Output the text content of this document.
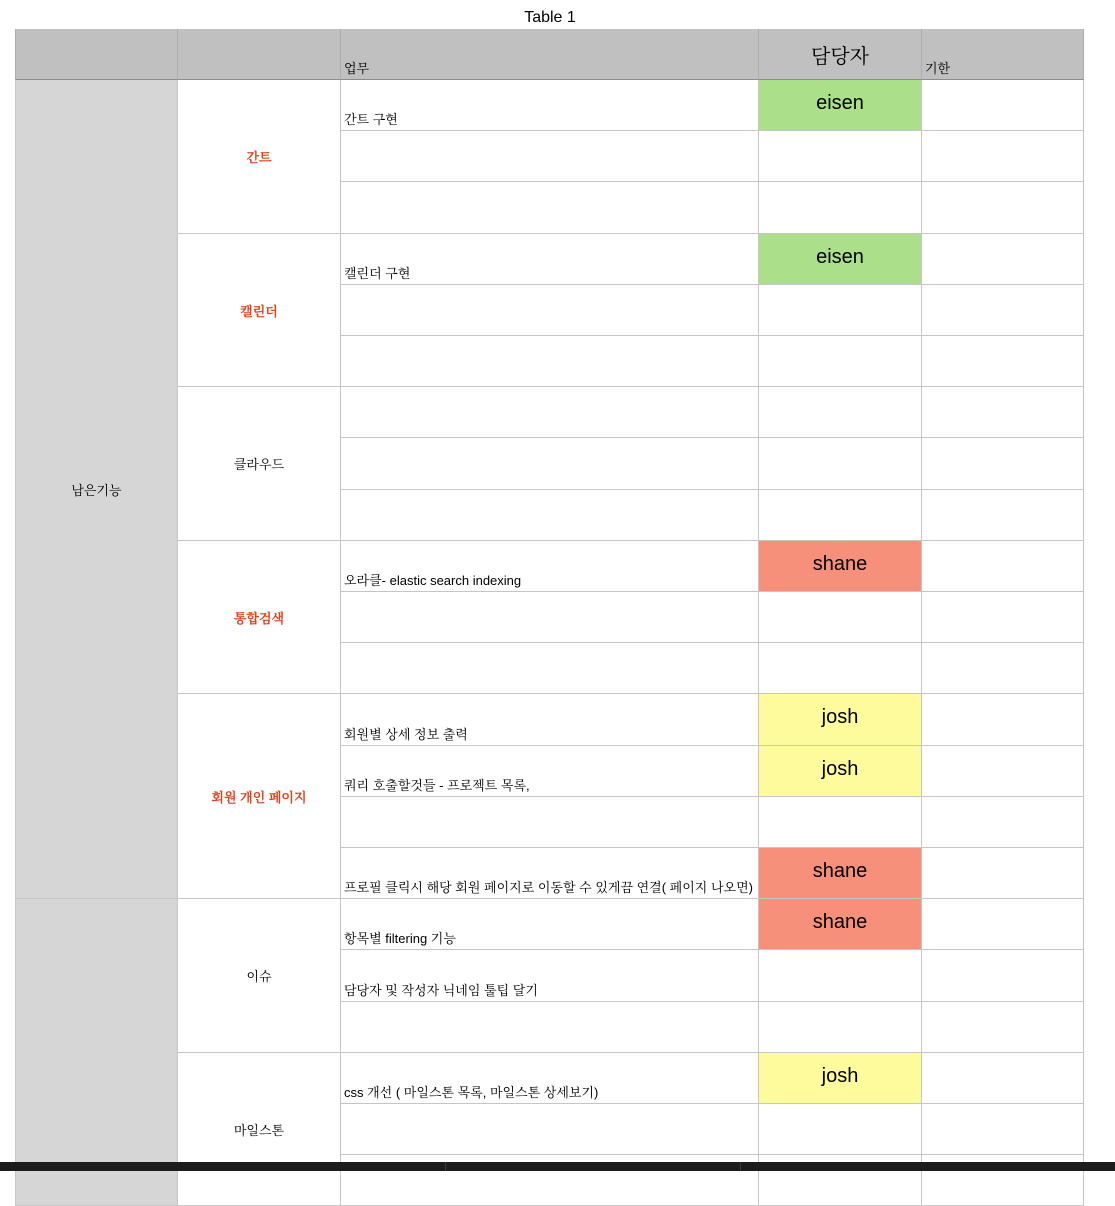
Table 1
업무
담당자
기한
간트 구현
eisen
간트
캘린더 구현
eisen
캘린더
클라우드
오라클- elastic search indexing
shane
통합검색
회원별 상세 정보 출력
josh
쿼리 호출할것들 - 프로젝트 목록,
josh
프로필 클릭시 해당 회원 페이지로 이동할 수 있게끔 연결( 페이지 나오면)
shane
회원 개인 페이지
남은기능
항목별 filtering 기능
shane
담당자 및 작성자 닉네임 툴팁 달기
이슈
css 개선 ( 마일스톤 목록, 마일스톤 상세보기)
josh
마일스톤
